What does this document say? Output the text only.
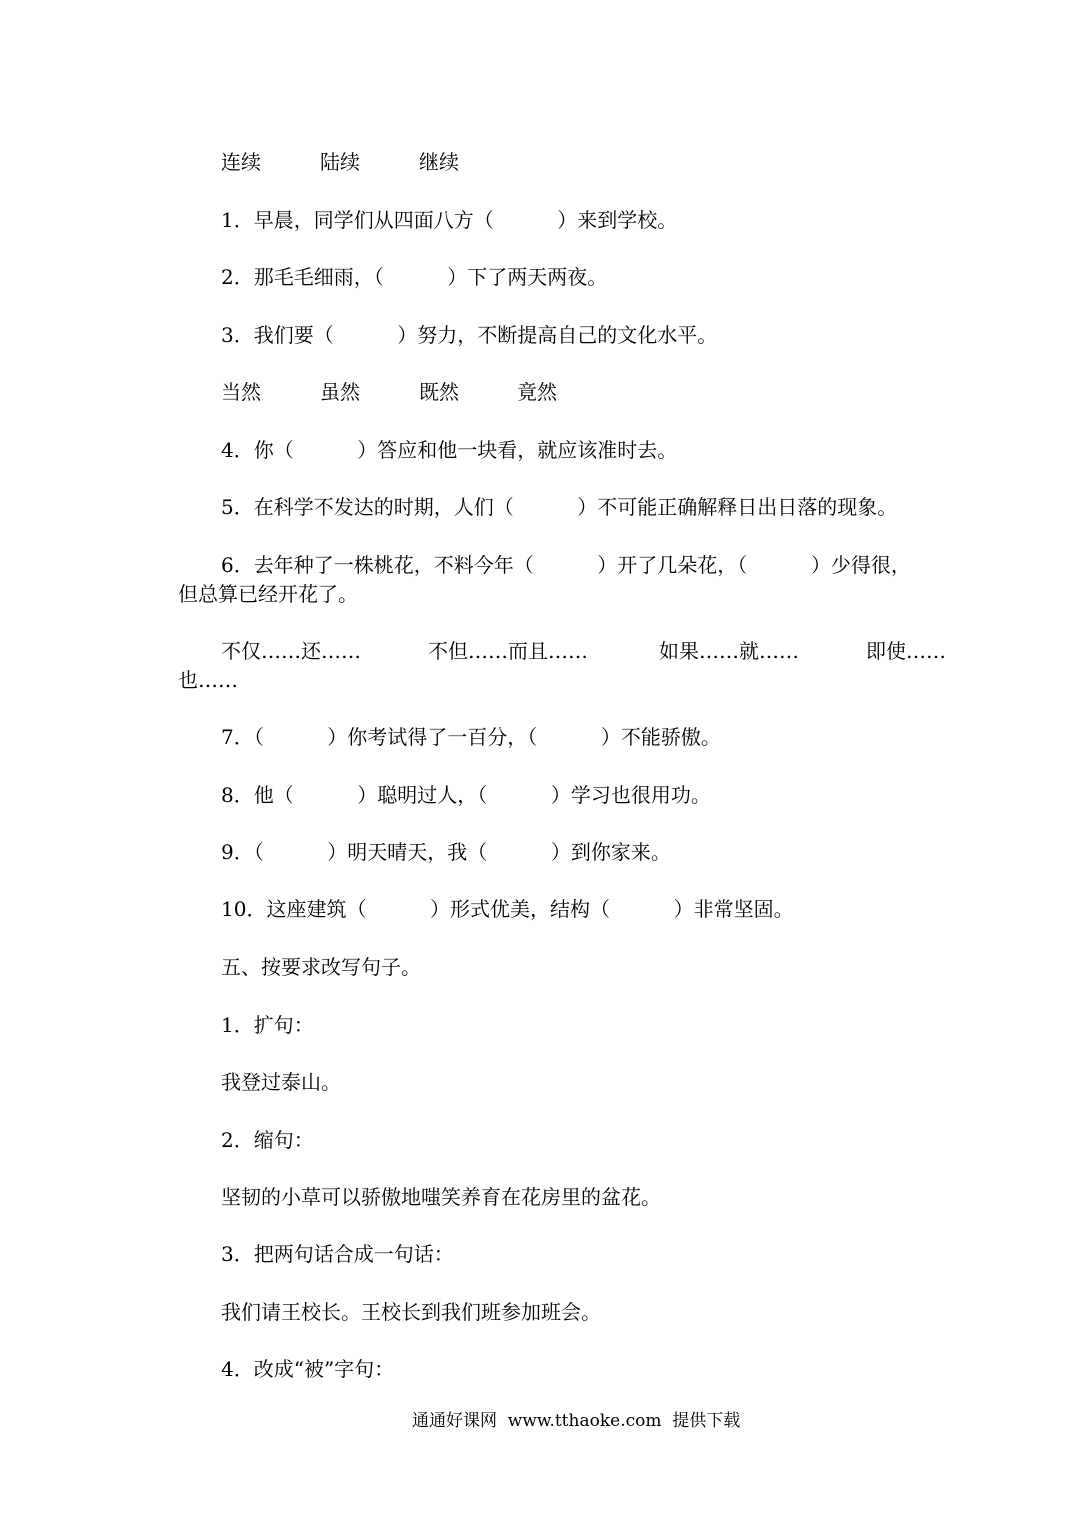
连续	陆续	继续
1．早晨，同学们从四面八方（          ）来到学校。
2．那毛毛细雨，（          ）下了两天两夜。
3．我们要（          ）努力，不断提高自己的文化水平。
当然	虽然	既然	竟然
4．你（          ）答应和他一块看，就应该准时去。
5．在科学不发达的时期，人们（          ）不可能正确解释日出日落的现象。
6．去年种了一株桃花，不料今年（          ）开了几朵花，（          ）少得很，
但总算已经开花了。
不仅……还……	不但……而且……	如果……就……	即使……
也……
7．（          ）你考试得了一百分，（          ）不能骄傲。
8．他（          ）聪明过人，（          ）学习也很用功。
9．（          ）明天晴天，我（          ）到你家来。
10．这座建筑（          ）形式优美，结构（          ）非常坚固。
五、按要求改写句子。
1．扩句：
我登过泰山。
2．缩句：
坚韧的小草可以骄傲地嗤笑养育在花房里的盆花。
3．把两句话合成一句话：
我们请王校长。王校长到我们班参加班会。
4．改成“被”字句：
通通好课网  www.tthaoke.com  提供下载
